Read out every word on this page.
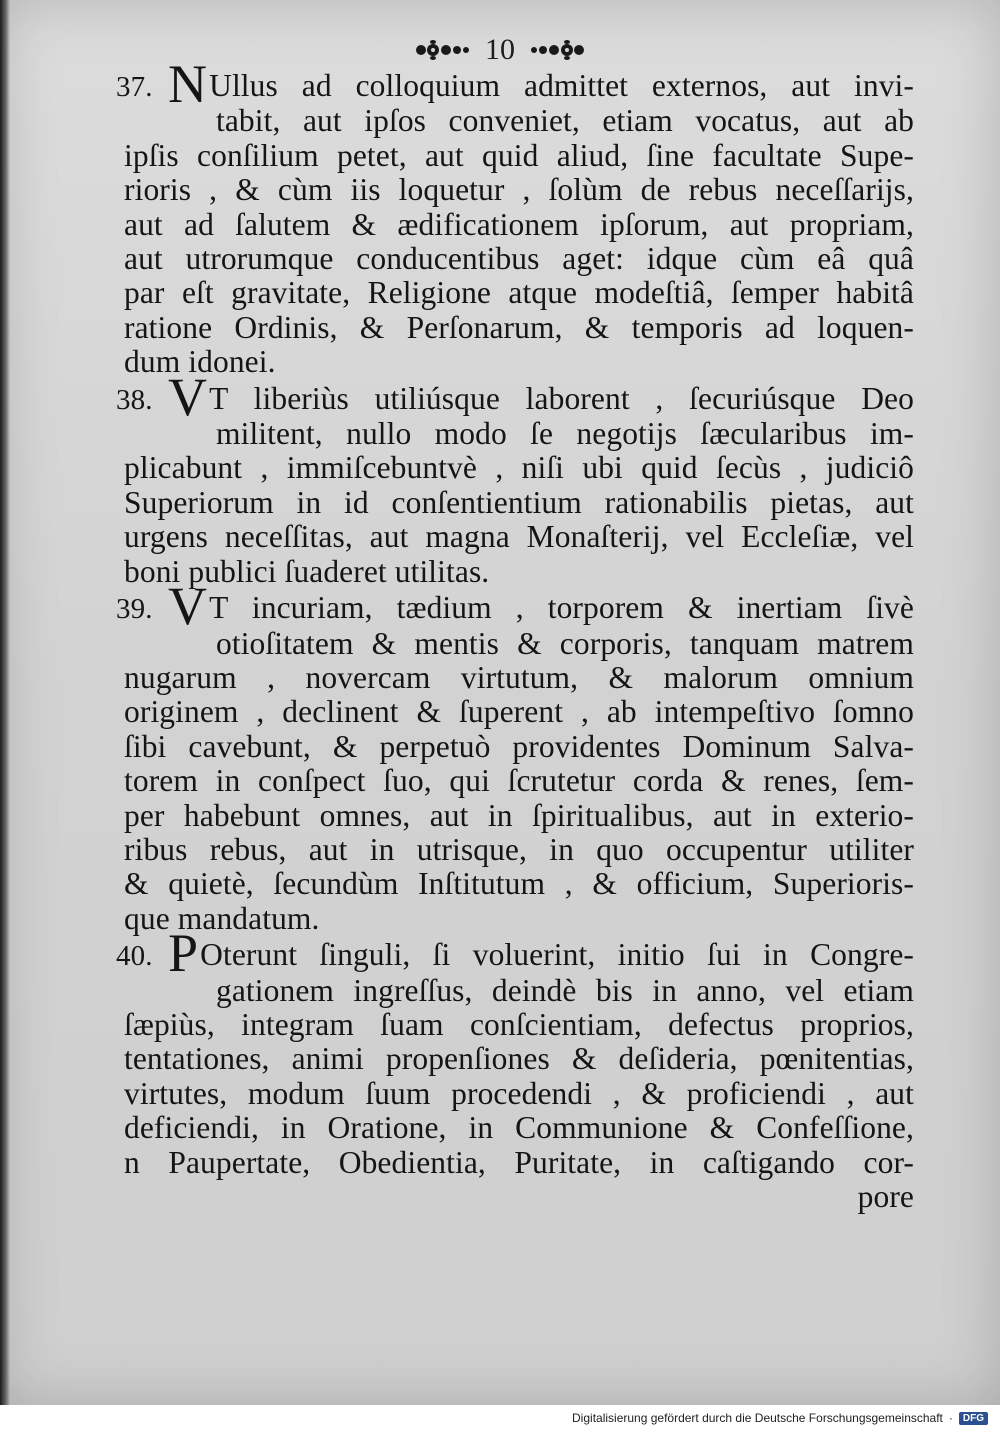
10
37. NUllus ad colloquium admittet externos, aut invi-
tabit, aut ipſos conveniet, etiam vocatus, aut ab
ipſis conſilium petet, aut quid aliud, ſine facultate Supe-
rioris , & cùm iis loquetur , ſolùm de rebus neceſſarijs,
aut ad ſalutem & ædificationem ipſorum, aut propriam,
aut utrorumque conducentibus aget: idque cùm eâ quâ
par eſt gravitate, Religione atque modeſtiâ, ſemper habitâ
ratione Ordinis, & Perſonarum, & temporis ad loquen-
dum idonei.
38. VT liberiùs utiliúsque laborent , ſecuriúsque Deo
militent, nullo modo ſe negotijs ſæcularibus im-
plicabunt , immiſcebuntvè , niſi ubi quid ſecùs , judiciô
Superiorum in id conſentientium rationabilis pietas, aut
urgens neceſſitas, aut magna Monaſterij, vel Eccleſiæ, vel
boni publici ſuaderet utilitas.
39. VT incuriam, tædium , torporem & inertiam ſivè
otioſitatem & mentis & corporis, tanquam matrem
nugarum , novercam virtutum, & malorum omnium
originem , declinent & ſuperent , ab intempeſtivo ſomno
ſibi cavebunt, & perpetuò providentes Dominum Salva-
torem in conſpect ſuo, qui ſcrutetur corda & renes, ſem-
per habebunt omnes, aut in ſpiritualibus, aut in exterio-
ribus rebus, aut in utrisque, in quo occupentur utiliter
& quietè, ſecundùm Inſtitutum , & officium, Superioris-
que mandatum.
40. POterunt ſinguli, ſi voluerint, initio ſui in Congre-
gationem ingreſſus, deindè bis in anno, vel etiam
ſæpiùs, integram ſuam conſcientiam, defectus proprios,
tentationes, animi propenſiones & deſideria, pœnitentias,
virtutes, modum ſuum procedendi , & proficiendi , aut
deficiendi, in Oratione, in Communione & Confeſſione,
n Paupertate, Obedientia, Puritate, in caſtigando cor-
pore
Digitalisierung gefördert durch die Deutsche Forschungsgemeinschaft ·	DFG
